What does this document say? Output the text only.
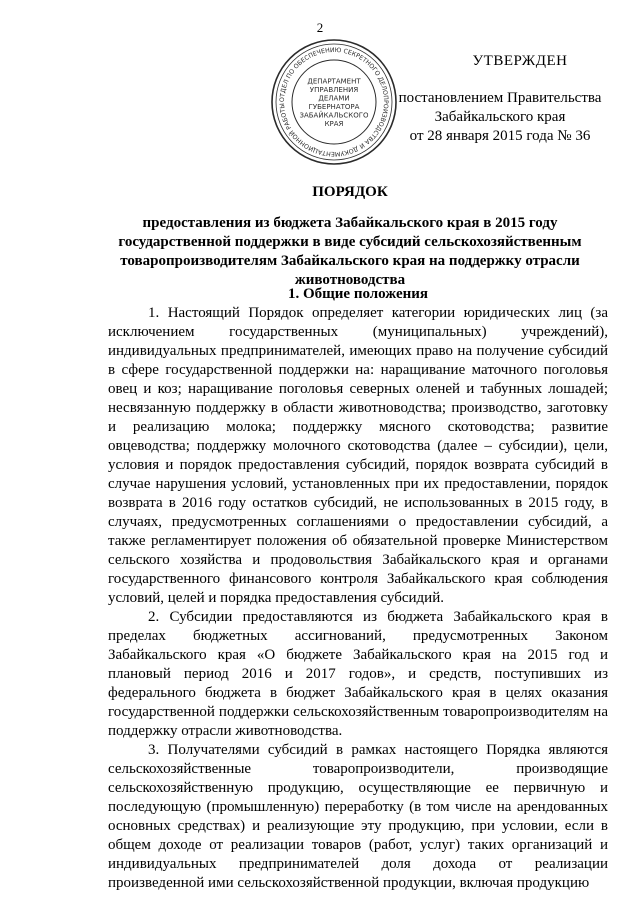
2
ОТДЕЛ ПО ОБЕСПЕЧЕНИЮ СЕКРЕТНОГО ДЕЛОПРОИЗВОДСТВА И ДОКУМЕНТАЦИОННОЙ РАБОТЫ
ДЕПАРТАМЕНТ
УПРАВЛЕНИЯ
ДЕЛАМИ
ГУБЕРНАТОРА
ЗАБАЙКАЛЬСКОГО
КРАЯ
УТВЕРЖДЕН
постановлением Правительства
Забайкальского края
от 28 января 2015 года № 36
ПОРЯДОК
предоставления из бюджета Забайкальского края в 2015 году государственной поддержки в виде субсидий сельскохозяйственным товаропроизводителям Забайкальского края на поддержку отрасли животноводства

1. Общие положения

1. Настоящий Порядок определяет категории юридических лиц (за исключением государственных (муниципальных) учреждений), индивидуальных предпринимателей, имеющих право на получение субсидий в сфере государственной поддержки на: наращивание маточного поголовья овец и коз; наращивание поголовья северных оленей и табунных лошадей; несвязанную поддержку в области животноводства; производство, заготовку и реализацию молока; поддержку мясного скотоводства; развитие овцеводства; поддержку молочного скотоводства (далее – субсидии), цели, условия и порядок предоставления субсидий, порядок возврата субсидий в случае нарушения условий, установленных при их предоставлении, порядок возврата в 2016 году остатков субсидий, не использованных в 2015 году, в случаях, предусмотренных соглашениями о предоставлении субсидий, а также регламентирует положения об обязательной проверке Министерством сельского хозяйства и продовольствия Забайкальского края и органами государственного финансового контроля Забайкальского края соблюдения условий, целей и порядка предоставления субсидий.

2. Субсидии предоставляются из бюджета Забайкальского края в пределах бюджетных ассигнований, предусмотренных Законом Забайкальского края «О бюджете Забайкальского края на 2015 год и плановый период 2016 и 2017 годов», и средств, поступивших из федерального бюджета в бюджет Забайкальского края в целях оказания государственной поддержки сельскохозяйственным товаропроизводителям на поддержку отрасли животноводства.

3. Получателями субсидий в рамках настоящего Порядка являются сельскохозяйственные товаропроизводители, производящие сельскохозяйственную продукцию, осуществляющие ее первичную и последующую (промышленную) переработку (в том числе на арендованных основных средствах) и реализующие эту продукцию, при условии, если в общем доходе от реализации товаров (работ, услуг) таких организаций и индивидуальных предпринимателей доля дохода от реализации произведенной ими сельскохозяйственной продукции, включая продукцию
